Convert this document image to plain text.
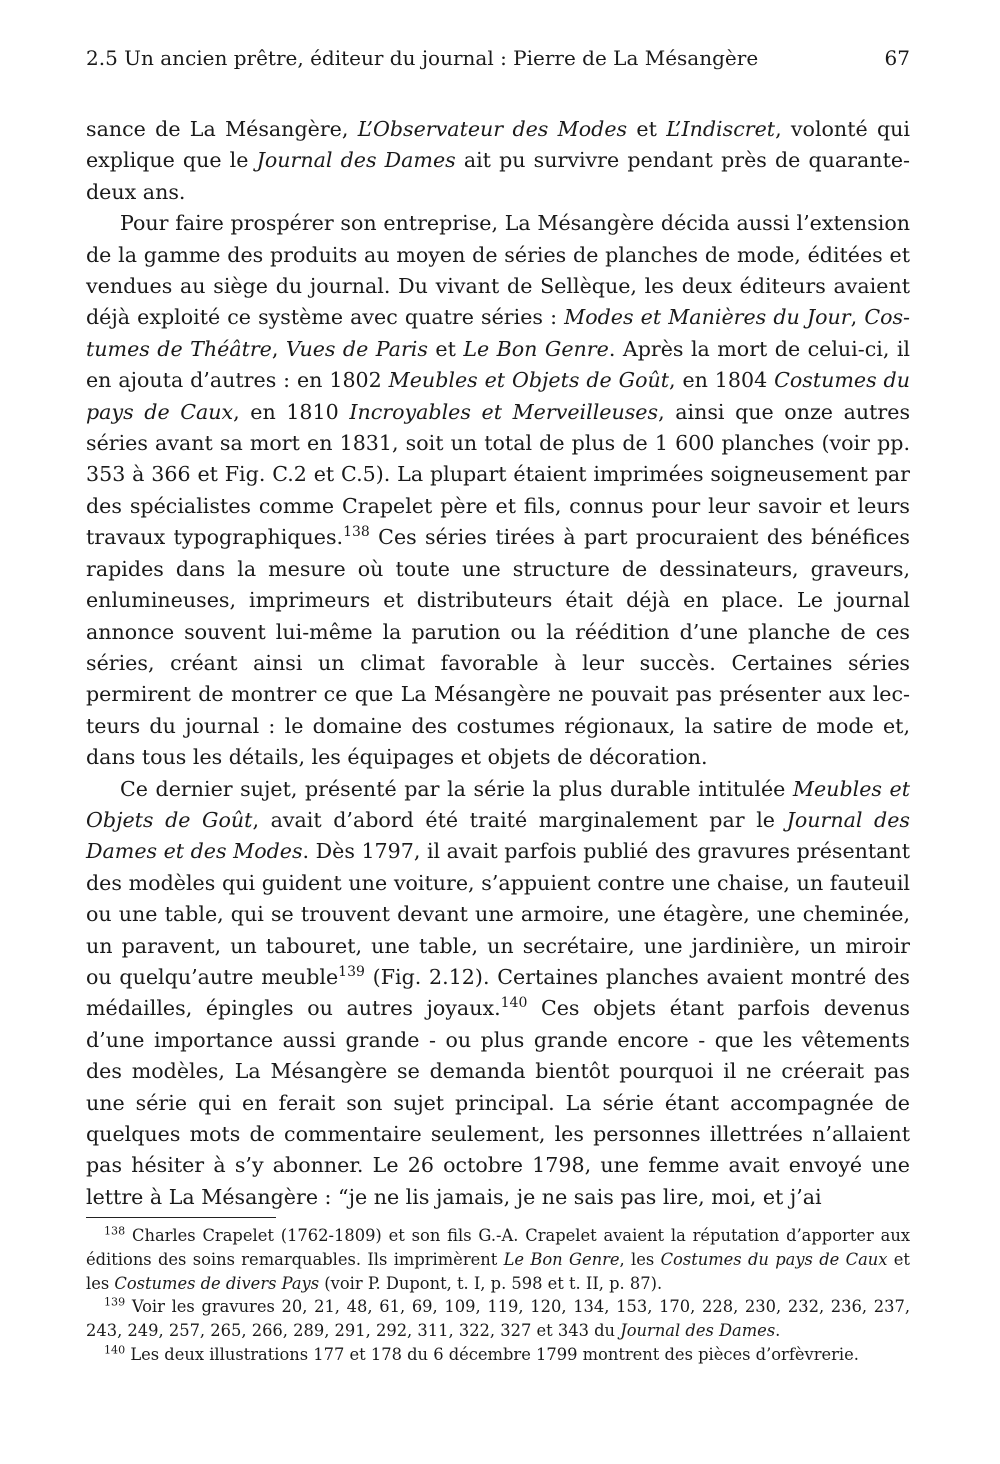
2.5 Un ancien prêtre, éditeur du journal : Pierre de La Mésangère	67

sance de La Mésangère, L’Observateur des Modes et L’Indiscret, volonté qui explique que le Journal des Dames ait pu survivre pendant près de quarante-deux ans.

Pour faire prospérer son entreprise, La Mésangère décida aussi l’extension de la gamme des produits au moyen de séries de planches de mode, éditées et vendues au siège du journal. Du vivant de Sellèque, les deux éditeurs avaient déjà exploité ce système avec quatre séries : Modes et Manières du Jour, Costumes de Théâtre, Vues de Paris et Le Bon Genre. Après la mort de celui-ci, il en ajouta d’autres : en 1802 Meubles et Objets de Goût, en 1804 Costumes du pays de Caux, en 1810 Incroyables et Merveilleuses, ainsi que onze autres séries avant sa mort en 1831, soit un total de plus de 1 600 planches (voir pp. 353 à 366 et Fig. C.2 et C.5). La plupart étaient imprimées soigneusement par des spécialistes comme Crapelet père et fils, connus pour leur savoir et leurs travaux typographiques.$^{138}$ Ces séries tirées à part procuraient des bénéfices rapides dans la mesure où toute une structure de dessinateurs, graveurs, enlumineuses, imprimeurs et distributeurs était déjà en place. Le journal annonce souvent lui-même la parution ou la réédition d’une planche de ces séries, créant ainsi un climat favorable à leur succès. Certaines séries permirent de montrer ce que La Mésangère ne pouvait pas présenter aux lecteurs du journal : le domaine des costumes régionaux, la satire de mode et, dans tous les détails, les équipages et objets de décoration.

Ce dernier sujet, présenté par la série la plus durable intitulée Meubles et Objets de Goût, avait d’abord été traité marginalement par le Journal des Dames et des Modes. Dès 1797, il avait parfois publié des gravures présentant des modèles qui guident une voiture, s’appuient contre une chaise, un fauteuil ou une table, qui se trouvent devant une armoire, une étagère, une cheminée, un paravent, un tabouret, une table, un secrétaire, une jardinière, un miroir ou quelqu’autre meuble$^{139}$ (Fig. 2.12). Certaines planches avaient montré des médailles, épingles ou autres joyaux.$^{140}$ Ces objets étant parfois devenus d’une importance aussi grande - ou plus grande encore - que les vêtements des modèles, La Mésangère se demanda bientôt pourquoi il ne créerait pas une série qui en ferait son sujet principal. La série étant accompagnée de quelques mots de commentaire seulement, les personnes illettrées n’allaient pas hésiter à s’y abonner. Le 26 octobre 1798, une femme avait envoyé une lettre à La Mésangère : “je ne lis jamais, je ne sais pas lire, moi, et j’ai

$^{138}$ Charles Crapelet (1762-1809) et son fils G.-A. Crapelet avaient la réputation d’apporter aux éditions des soins remarquables. Ils imprimèrent Le Bon Genre, les Costumes du pays de Caux et les Costumes de divers Pays (voir P. Dupont, t. I, p. 598 et t. II, p. 87).

$^{139}$ Voir les gravures 20, 21, 48, 61, 69, 109, 119, 120, 134, 153, 170, 228, 230, 232, 236, 237, 243, 249, 257, 265, 266, 289, 291, 292, 311, 322, 327 et 343 du Journal des Dames.

$^{140}$ Les deux illustrations 177 et 178 du 6 décembre 1799 montrent des pièces d’orfèvrerie.
